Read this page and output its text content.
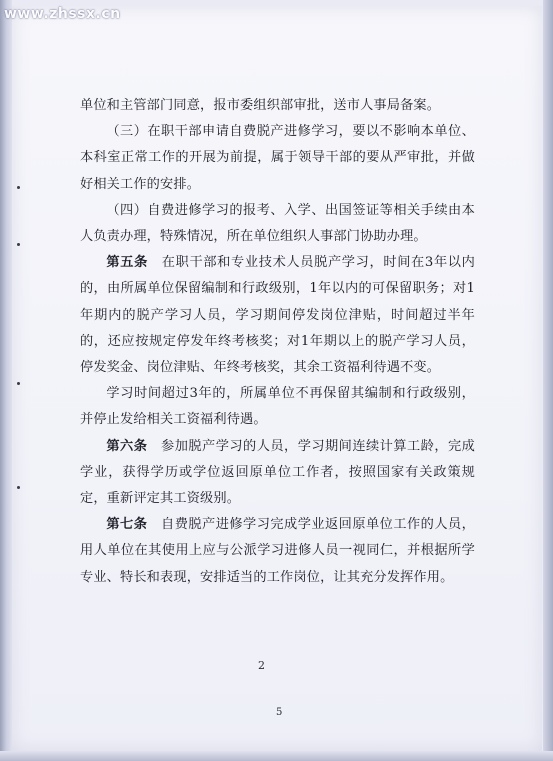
www.zhssx.cn

单位和主管部门同意，报市委组织部审批，送市人事局备案。

（三）在职干部申请自费脱产进修学习，要以不影响本单位、本科室正常工作的开展为前提，属于领导干部的要从严审批，并做好相关工作的安排。

（四）自费进修学习的报考、入学、出国签证等相关手续由本人负责办理，特殊情况，所在单位组织人事部门协助办理。

第五条　在职干部和专业技术人员脱产学习，时间在3年以内的，由所属单位保留编制和行政级别，1年以内的可保留职务；对1年期内的脱产学习人员，学习期间停发岗位津贴，时间超过半年的，还应按规定停发年终考核奖；对1年期以上的脱产学习人员，停发奖金、岗位津贴、年终考核奖，其余工资福利待遇不变。

学习时间超过3年的，所属单位不再保留其编制和行政级别，并停止发给相关工资福利待遇。

第六条　参加脱产学习的人员，学习期间连续计算工龄，完成学业，获得学历或学位返回原单位工作者，按照国家有关政策规定，重新评定其工资级别。

第七条　自费脱产进修学习完成学业返回原单位工作的人员，用人单位在其使用上应与公派学习进修人员一视同仁，并根据所学专业、特长和表现，安排适当的工作岗位，让其充分发挥作用。

2
5
